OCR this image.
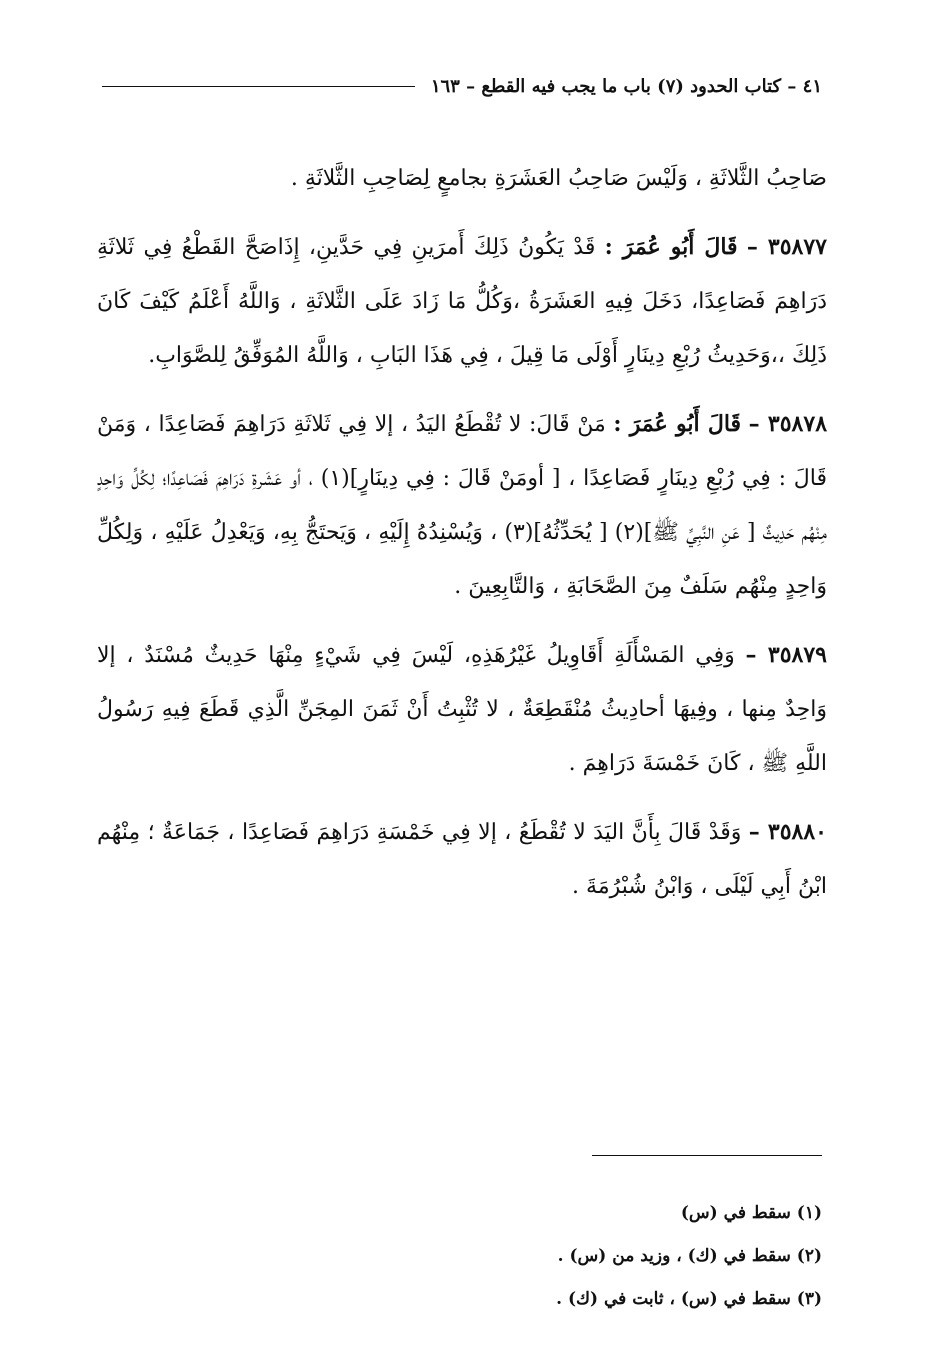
٤١ – كتاب الحدود (٧) باب ما يجب فيه القطع – ١٦٣

صَاحِبُ الثَّلاثَةِ ، وَلَيْسَ صَاحِبُ العَشَرَةِ بجامعٍ لِصَاحِبِ الثَّلاثَةِ .

٣٥٨٧٧ – قَالَ أَبُو عُمَرَ : قَدْ يَكُونُ ذَلِكَ أَمرَينِ فِي حَدَّينِ، إِذَاصَحَّ القَطْعُ فِي ثَلاثَةِ دَرَاهِمَ فَصَاعِدًا، دَخَلَ فِيهِ العَشَرَةُ ،وَكُلُّ مَا زَادَ عَلَى الثَّلاثَةِ ، وَاللَّهُ أَعْلَمُ كَيْفَ كَانَ ذَلِكَ ،،وَحَدِيثُ رُبْعِ دِينَارٍ أَوْلَى مَا قِيلَ ، فِي هَذَا البَابِ ، وَاللَّهُ المُوَفِّقُ لِلصَّوَابِ.

٣٥٨٧٨ – قَالَ أَبُو عُمَرَ : مَنْ قَالَ: لا تُقْطَعُ اليَدُ ، إلا فِي ثَلاثَةِ دَرَاهِمَ فَصَاعِدًا ، وَمَنْ قَالَ : فِي رُبْعِ دِينَارٍ فَصَاعِدًا ، [ أومَنْ قَالَ : فِي دِينَارٍ](١) ، أو عَشَرةِ دَرَاهِمَ فَصَاعِدًا؛ لِكُلِّ وَاحِدٍ مِنْهُم حَدِيثٌ [ عَنِ النَّبِيِّ ﷺ](٢) [ يُحَدِّثُهُ](٣) ، وَيُسْنِدُهُ إِلَيْهِ ، وَيَحتَجُّ بِهِ، وَيَعْدِلُ عَلَيْهِ ، وَلِكُلِّ وَاحِدٍ مِنْهُم سَلَفٌ مِنَ الصَّحَابَةِ ، وَالتَّابِعِينَ .

٣٥٨٧٩ – وَفِي المَسْأَلَةِ أَقَاوِيلُ غَيْرُهَذِهِ، لَيْسَ فِي شَيْءٍ مِنْهَا حَدِيثٌ مُسْنَدٌ ، إلا وَاحِدٌ مِنها ، وفِيهَا أحادِيثُ مُنْقَطِعَةٌ ، لا تُثْبِتُ أَنْ ثَمَنَ المِجَنِّ الَّذِي قَطَعَ فِيهِ رَسُولُ اللَّهِ ﷺ ، كَانَ خَمْسَةَ دَرَاهِمَ .

٣٥٨٨٠ – وَقَدْ قَالَ بِأَنَّ اليَدَ لا تُقْطَعُ ، إلا فِي خَمْسَةِ دَرَاهِمَ فَصَاعِدًا ، جَمَاعَةٌ ؛ مِنْهُم ابْنُ أَبِي لَيْلَى ، وَابْنُ شُبْرُمَةَ .

(١) سقط في (س)

(٢) سقط في (ك) ، وزيد من (س) .

(٣) سقط في (س) ، ثابت في (ك) .
